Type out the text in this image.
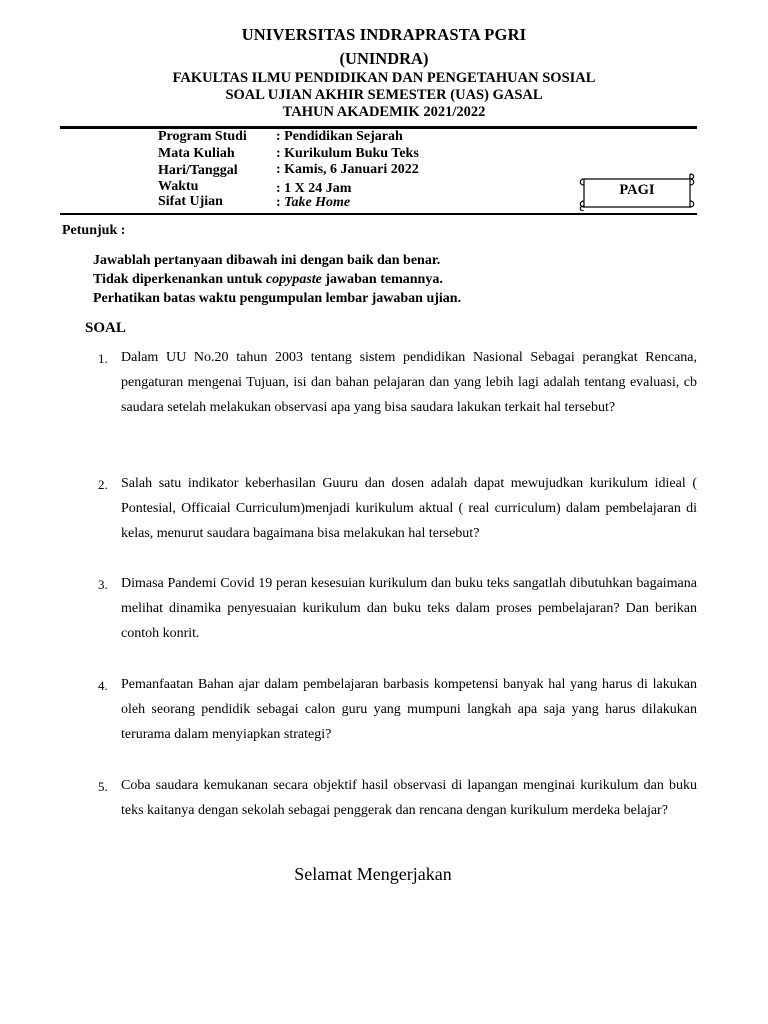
UNIVERSITAS INDRAPRASTA PGRI
(UNINDRA)
FAKULTAS ILMU PENDIDIKAN DAN PENGETAHUAN SOSIAL
SOAL UJIAN AKHIR SEMESTER (UAS) GASAL
TAHUN AKADEMIK 2021/2022
Program Studi : Pendidikan Sejarah
Mata Kuliah	: Kurikulum Buku Teks
Hari/Tanggal	: Kamis, 6 Januari 2022
Waktu	: 1 X 24 Jam
Sifat Ujian	: Take Home
PAGI
Petunjuk :
Jawablah pertanyaan dibawah ini dengan baik dan benar.
Tidak diperkenankan untuk copypaste jawaban temannya.
Perhatikan batas waktu pengumpulan lembar jawaban ujian.
SOAL
1. Dalam UU No.20 tahun 2003 tentang sistem pendidikan Nasional Sebagai perangkat Rencana, pengaturan mengenai Tujuan, isi dan bahan pelajaran dan yang lebih lagi adalah tentang evaluasi, cb saudara setelah melakukan observasi apa yang bisa saudara lakukan terkait hal tersebut?
2. Salah satu indikator keberhasilan Guuru dan dosen adalah dapat mewujudkan kurikulum idieal ( Pontesial, Officaial Curriculum)menjadi kurikulum aktual ( real curriculum) dalam pembelajaran di kelas, menurut saudara bagaimana bisa melakukan hal tersebut?
3. Dimasa Pandemi Covid 19 peran kesesuian kurikulum dan buku teks sangatlah dibutuhkan bagaimana melihat dinamika penyesuaian kurikulum dan buku teks dalam proses pembelajaran? Dan berikan contoh konrit.
4. Pemanfaatan Bahan ajar dalam pembelajaran barbasis kompetensi banyak hal yang harus di lakukan oleh seorang pendidik sebagai calon guru yang mumpuni langkah apa saja yang harus dilakukan terurama dalam menyiapkan strategi?
5. Coba saudara kemukanan secara objektif hasil observasi di lapangan menginai kurikulum dan buku teks kaitanya dengan sekolah sebagai penggerak dan rencana dengan kurikulum merdeka belajar?
Selamat Mengerjakan
